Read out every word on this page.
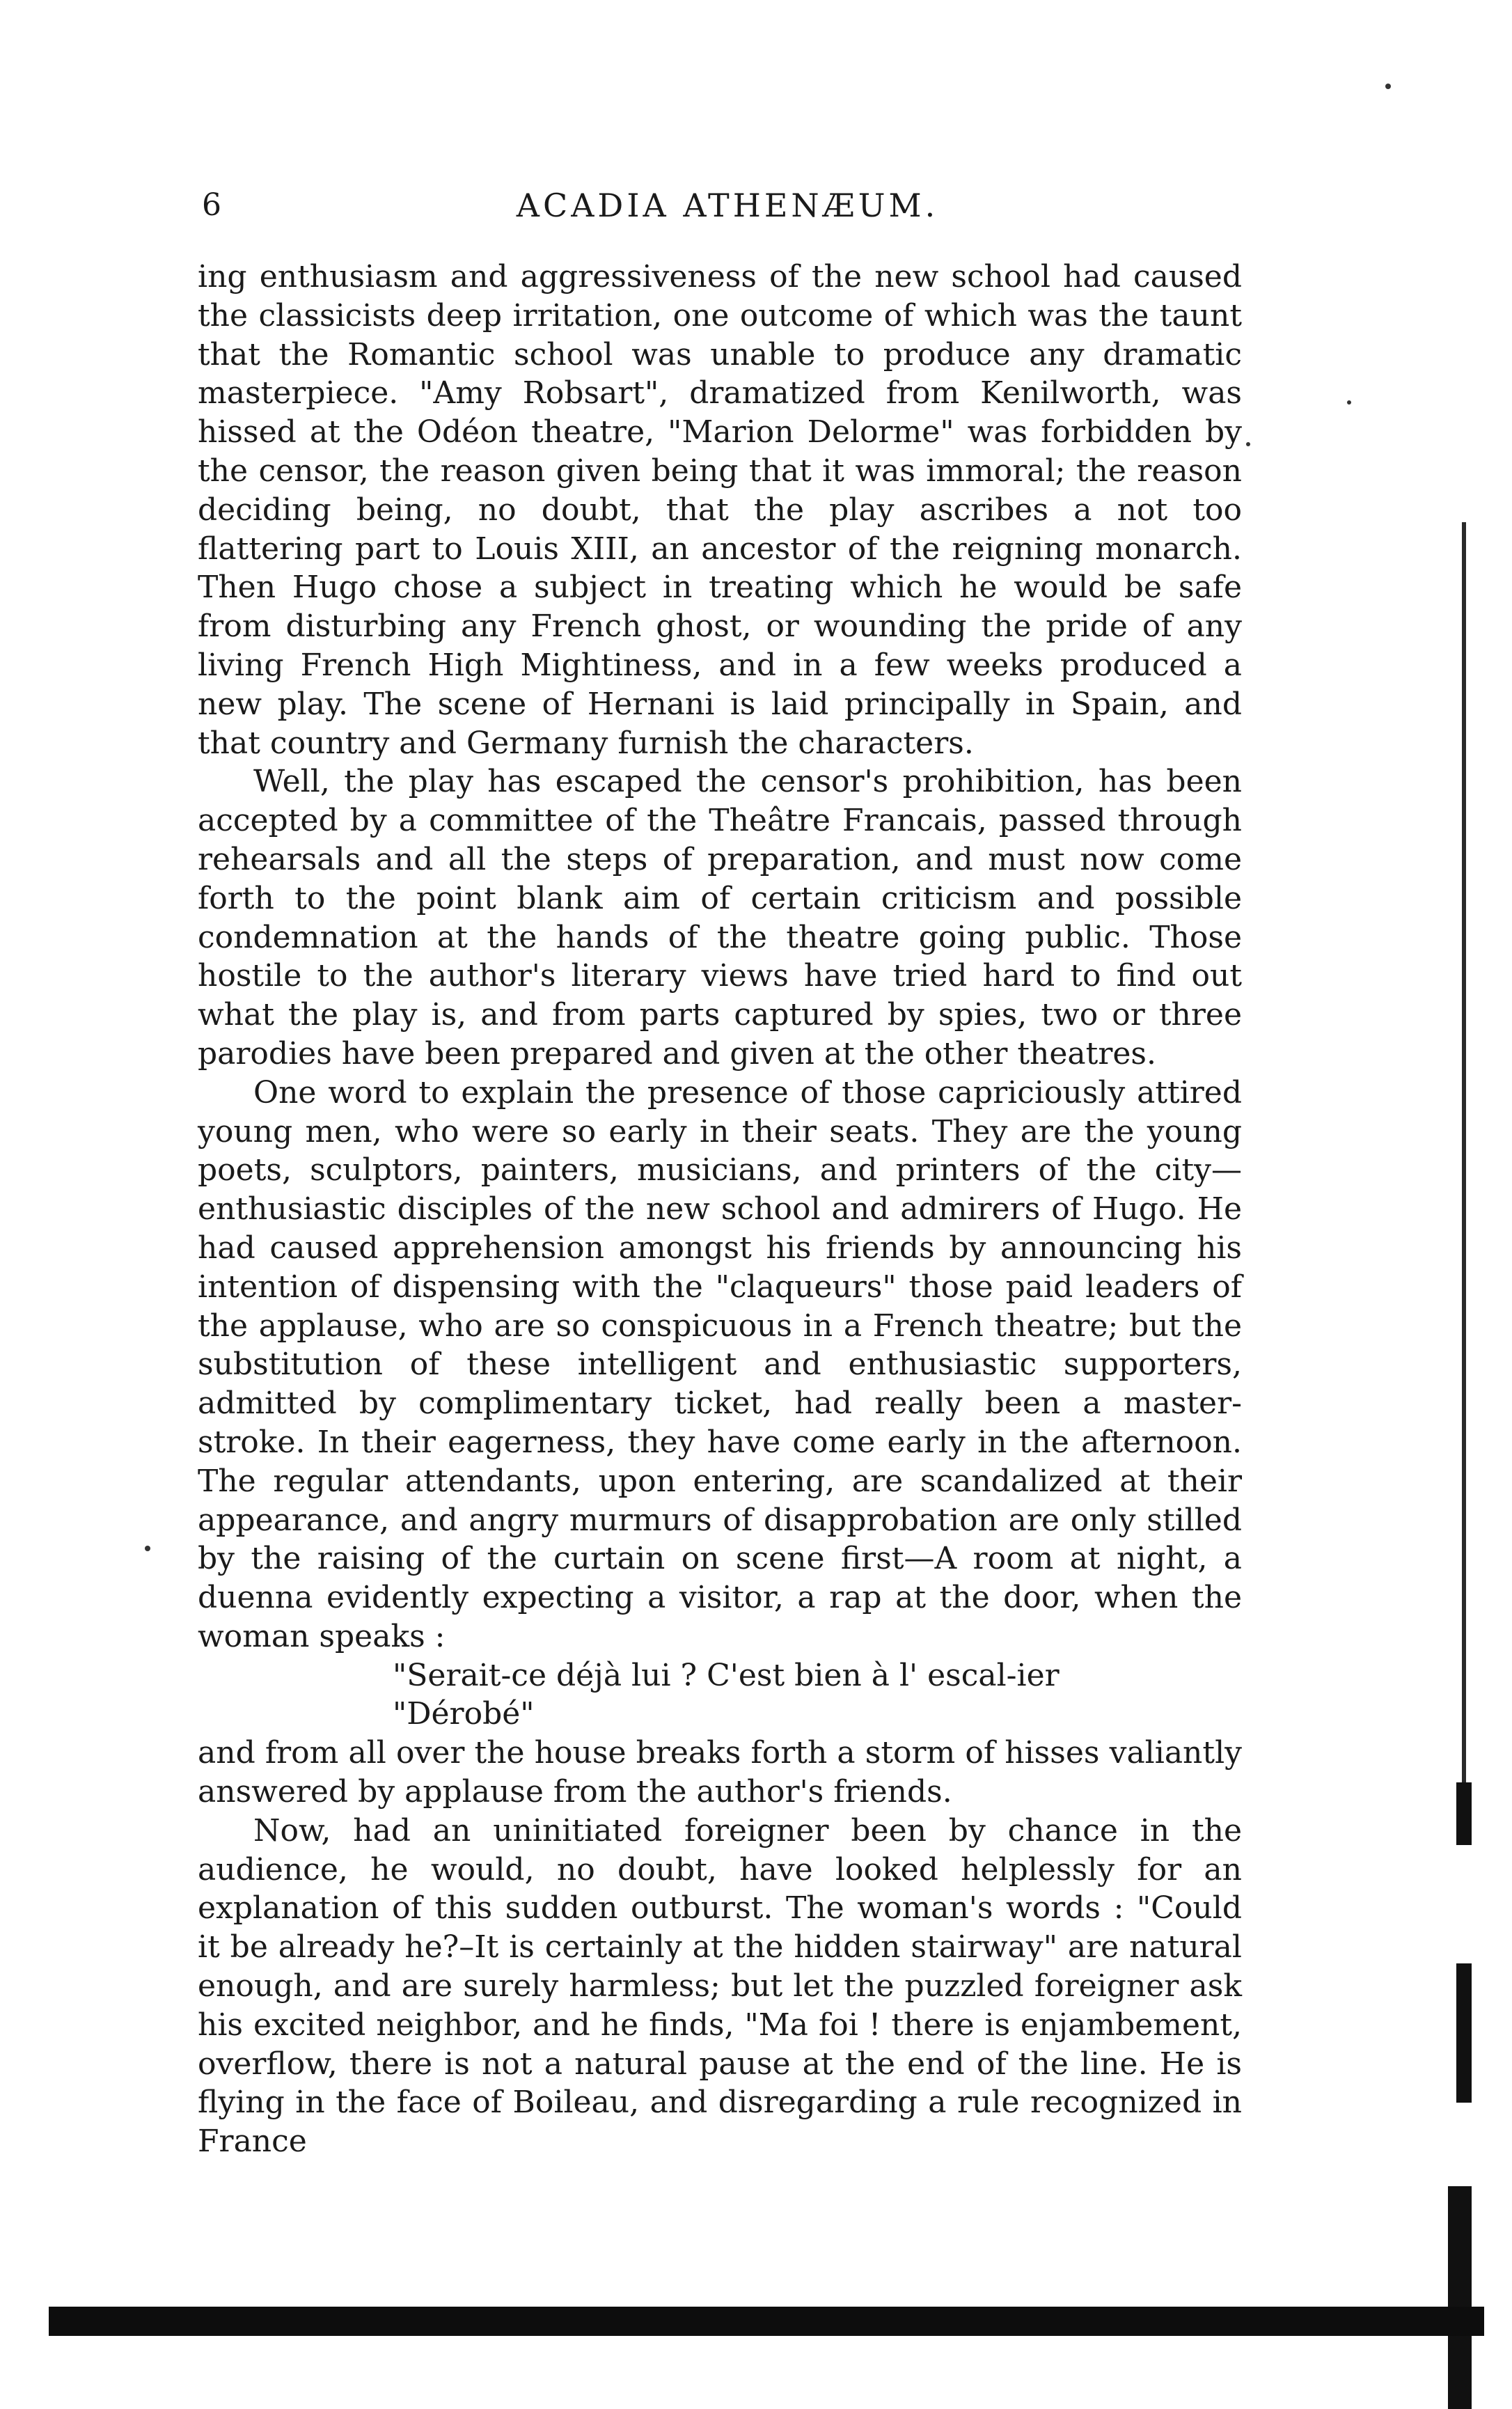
6	ACADIA ATHENÆUM.

ing enthusiasm and aggressiveness of the new school had caused the classicists deep irritation, one outcome of which was the taunt that the Romantic school was unable to produce any dramatic masterpiece. "Amy Robsart", dramatized from Kenilworth, was hissed at the Odéon theatre, "Marion Delorme" was forbidden by the censor, the reason given being that it was immoral; the reason deciding being, no doubt, that the play ascribes a not too flattering part to Louis XIII, an ancestor of the reigning monarch. Then Hugo chose a subject in treating which he would be safe from disturbing any French ghost, or wounding the pride of any living French High Mightiness, and in a few weeks produced a new play. The scene of Hernani is laid principally in Spain, and that country and Germany furnish the characters.

Well, the play has escaped the censor's prohibition, has been accepted by a committee of the Theâtre Francais, passed through rehearsals and all the steps of preparation, and must now come forth to the point blank aim of certain criticism and possible condemnation at the hands of the theatre going public. Those hostile to the author's literary views have tried hard to find out what the play is, and from parts captured by spies, two or three parodies have been prepared and given at the other theatres.

One word to explain the presence of those capriciously attired young men, who were so early in their seats. They are the young poets, sculptors, painters, musicians, and printers of the city—enthusiastic disciples of the new school and admirers of Hugo. He had caused apprehension amongst his friends by announcing his intention of dispensing with the "claqueurs" those paid leaders of the applause, who are so conspicuous in a French theatre; but the substitution of these intelligent and enthusiastic supporters, admitted by complimentary ticket, had really been a master-stroke. In their eagerness, they have come early in the afternoon. The regular attendants, upon entering, are scandalized at their appearance, and angry murmurs of disapprobation are only stilled by the raising of the curtain on scene first—A room at night, a duenna evidently expecting a visitor, a rap at the door, when the woman speaks :

"Serait-ce déjà lui ? C'est bien à l' escal-ier
"Dérobé"

and from all over the house breaks forth a storm of hisses valiantly answered by applause from the author's friends.

Now, had an uninitiated foreigner been by chance in the audience, he would, no doubt, have looked helplessly for an explanation of this sudden outburst. The woman's words : "Could it be already he?–It is certainly at the hidden stairway" are natural enough, and are surely harmless; but let the puzzled foreigner ask his excited neighbor, and he finds, "Ma foi ! there is enjambement, overflow, there is not a natural pause at the end of the line. He is flying in the face of Boileau, and disregarding a rule recognized in France
